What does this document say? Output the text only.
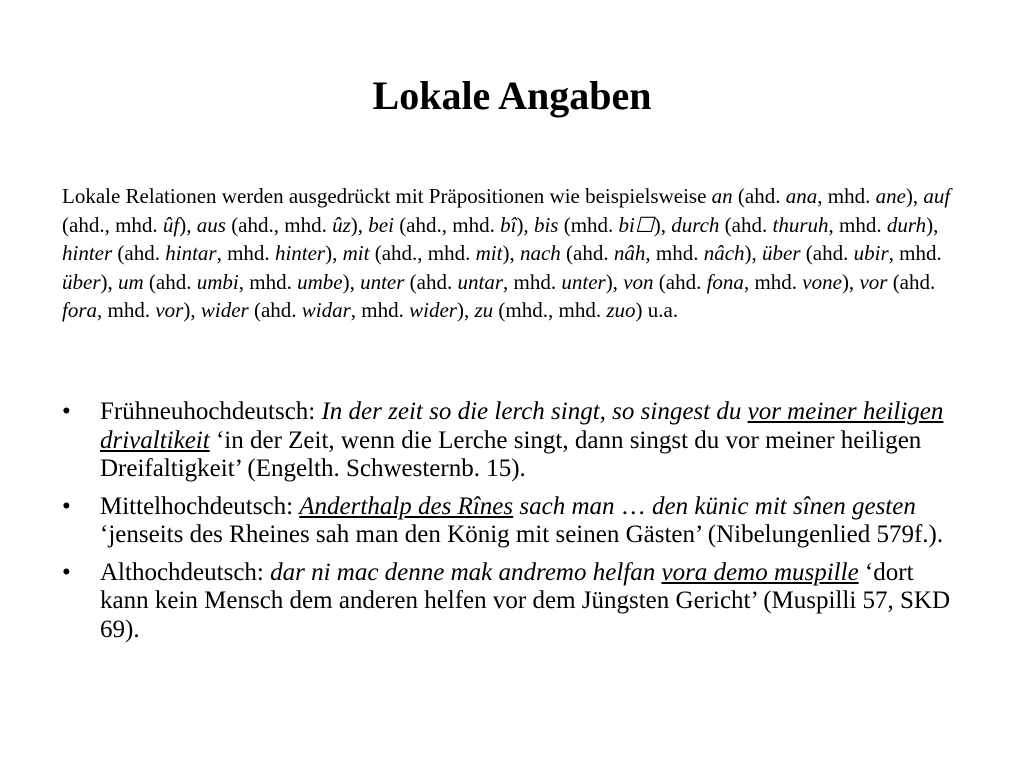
Lokale Angaben

Lokale Relationen werden ausgedrückt mit Präpositionen wie beispielsweise an (ahd. ana, mhd. ane), auf (ahd., mhd. ûf), aus (ahd., mhd. ûz), bei (ahd., mhd. bî), bis (mhd. bi☐), durch (ahd. thuruh, mhd. durh), hinter (ahd. hintar, mhd. hinter), mit (ahd., mhd. mit), nach (ahd. nâh, mhd. nâch), über (ahd. ubir, mhd. über), um (ahd. umbi, mhd. umbe), unter (ahd. untar, mhd. unter), von (ahd. fona, mhd. vone), vor (ahd. fora, mhd. vor), wider (ahd. widar, mhd. wider), zu (mhd., mhd. zuo) u.a.

• Frühneuhochdeutsch: In der zeit so die lerch singt, so singest du vor meiner heiligen drivaltikeit ‘in der Zeit, wenn die Lerche singt, dann singst du vor meiner heiligen Dreifaltigkeit’ (Engelth. Schwesternb. 15).
• Mittelhochdeutsch: Anderthalp des Rînes sach man … den künic mit sînen gesten ‘jenseits des Rheines sah man den König mit seinen Gästen’ (Nibelungenlied 579f.).
• Althochdeutsch: dar ni mac denne mak andremo helfan vora demo muspille ‘dort kann kein Mensch dem anderen helfen vor dem Jüngsten Gericht’ (Muspilli 57, SKD 69).
